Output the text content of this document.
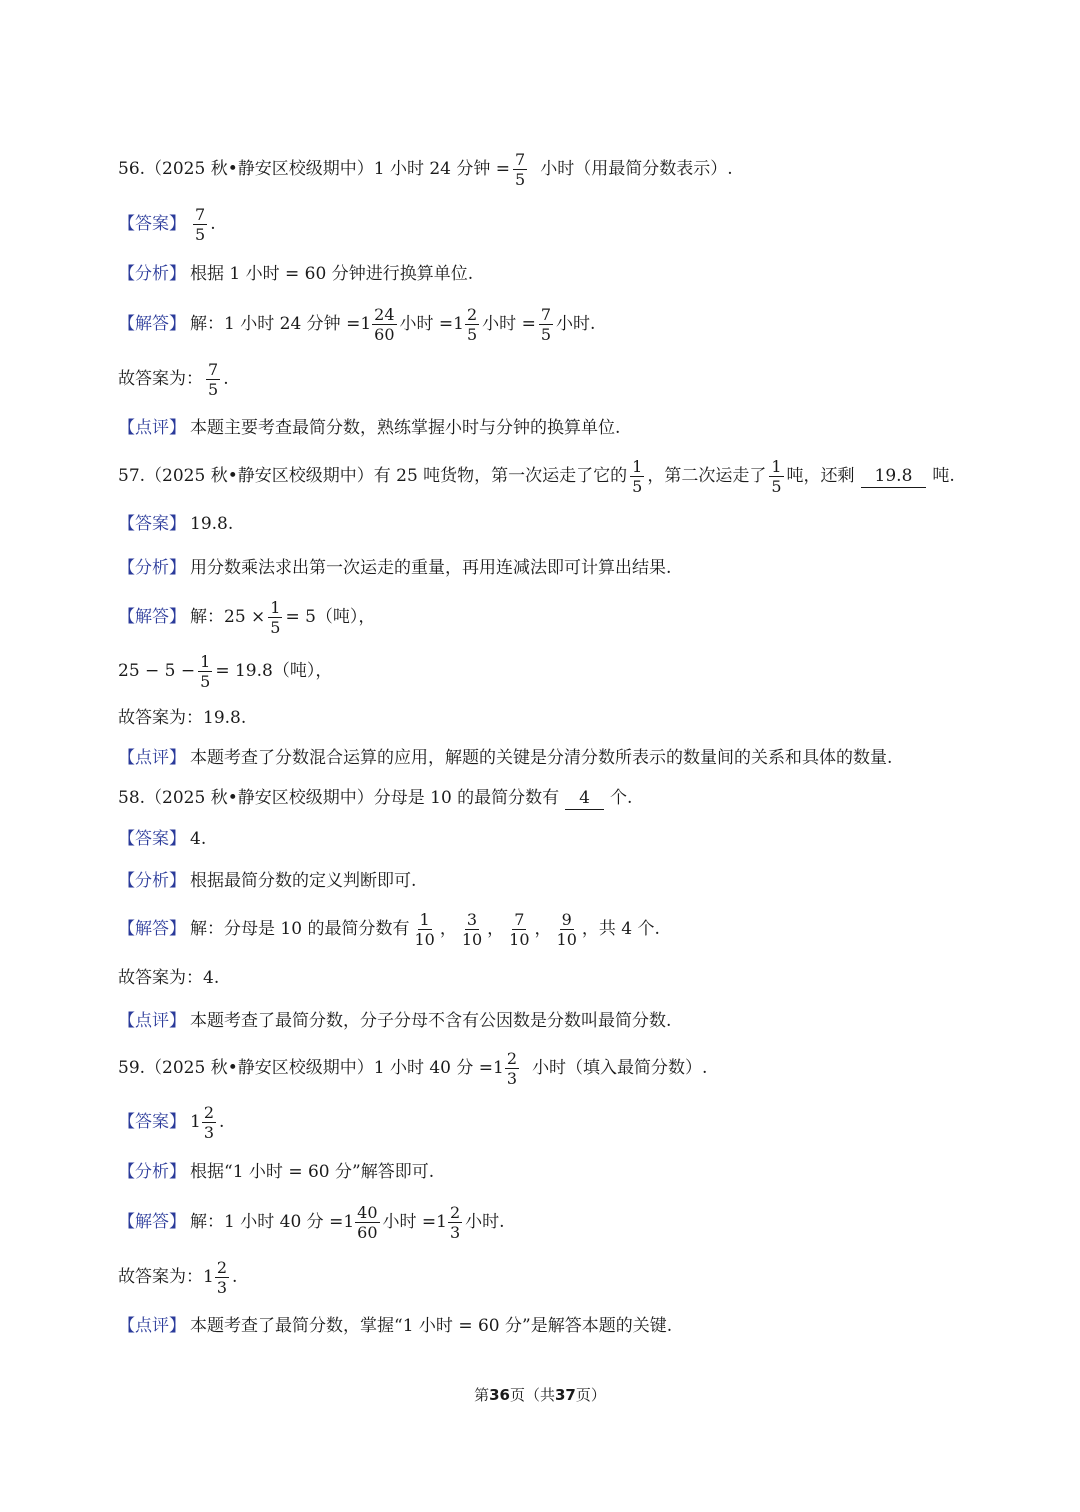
56.（2025 秋•静安区校级期中）1 小时 24 分钟 = $\frac{7}{5}$ 小时（用最简分数表示）.
【答案】 $\frac{7}{5}$ .
【分析】 根据 1 小时 = 60 分钟进行换算单位.
【解答】 解：1 小时 24 分钟 = $1 \frac{24}{60}$ 小时 = $1 \frac{2}{5}$ 小时 = $\frac{7}{5}$ 小时.
故答案为： $\frac{7}{5}$ .
【点评】 本题主要考查最简分数，熟练掌握小时与分钟的换算单位.
57.（2025 秋•静安区校级期中）有 25 吨货物，第一次运走了它的 $\frac{1}{5}$ ，第二次运走了 $\frac{1}{5}$ 吨，还剩	19.8	吨.
【答案】 19.8.
【分析】 用分数乘法求出第一次运走的重量，再用连减法即可计算出结果.
【解答】 解：$25 \times \frac{1}{5} = 5$（吨），
$25 - 5 - \frac{1}{5} = 19.8$（吨），
故答案为：19.8.
【点评】 本题考查了分数混合运算的应用，解题的关键是分清分数所表示的数量间的关系和具体的数量.
58.（2025 秋•静安区校级期中）分母是 10 的最简分数有	4	个.
【答案】 4.
【分析】 根据最简分数的定义判断即可.
【解答】 解：分母是 10 的最简分数有 $\frac{1}{10}$ ， $\frac{3}{10}$ ， $\frac{7}{10}$ ， $\frac{9}{10}$ ，共 4 个.
故答案为：4.
【点评】 本题考查了最简分数，分子分母不含有公因数是分数叫最简分数.
59.（2025 秋•静安区校级期中）1 小时 40 分 = $1 \frac{2}{3}$ 小时（填入最简分数）.
【答案】 $1 \frac{2}{3}$ .
【分析】 根据“1 小时 = 60 分”解答即可.
【解答】 解：1 小时 40 分 = $1 \frac{40}{60}$ 小时 = $1 \frac{2}{3}$ 小时.
故答案为： $1 \frac{2}{3}$ .
【点评】 本题考查了最简分数，掌握“1 小时 = 60 分”是解答本题的关键.
第36页（共37页）
